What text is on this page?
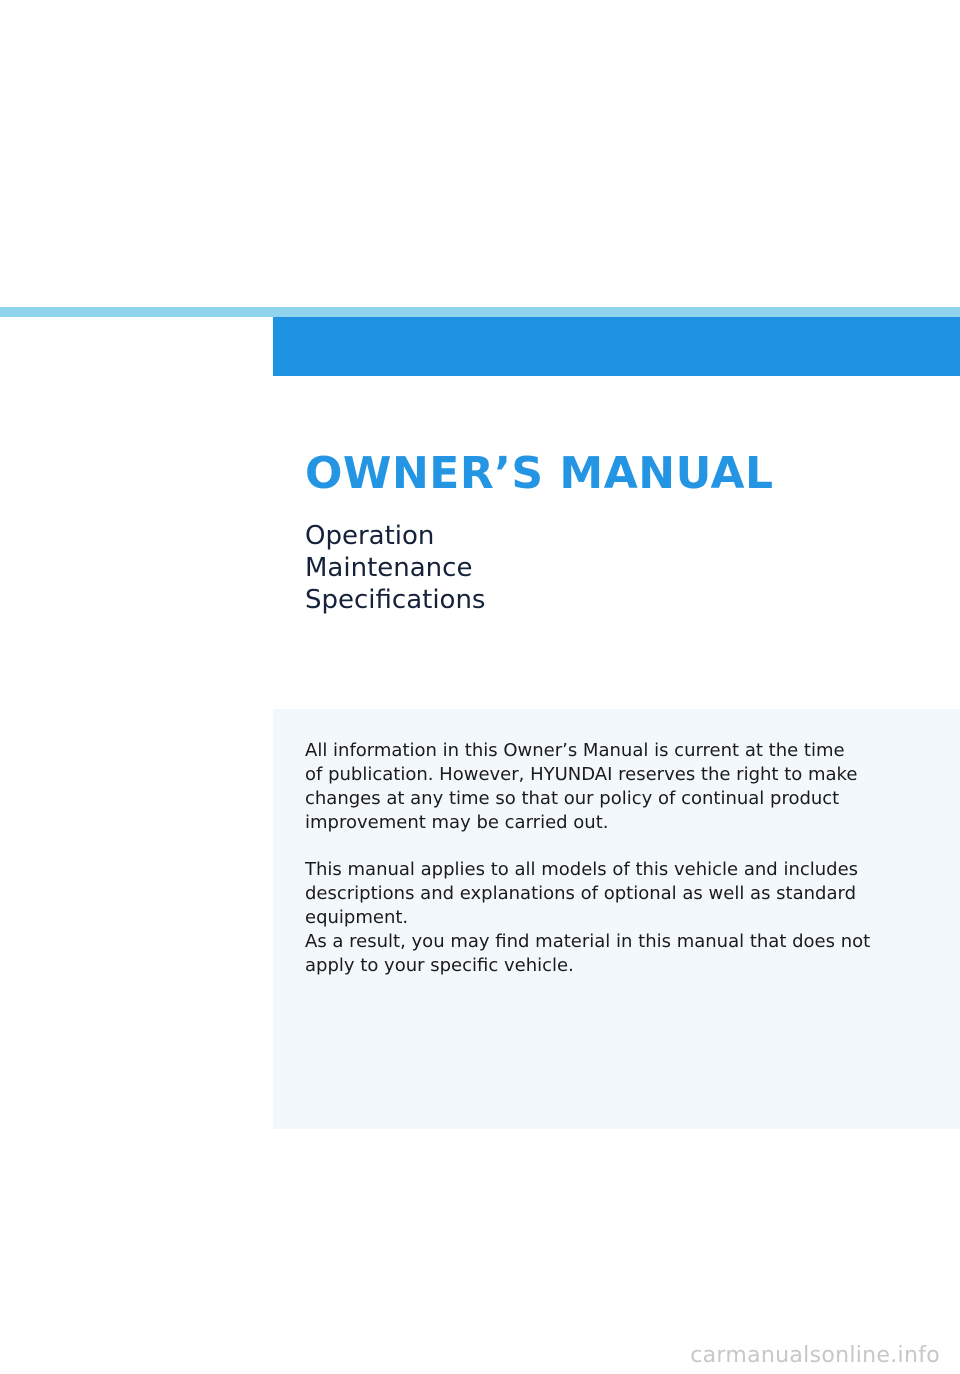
OWNER’S MANUAL
Operation
Maintenance
Specifications

All information in this Owner’s Manual is current at the time
of publication. However, HYUNDAI reserves the right to make
changes at any time so that our policy of continual product
improvement may be carried out.

This manual applies to all models of this vehicle and includes
descriptions and explanations of optional as well as standard
equipment.
As a result, you may find material in this manual that does not
apply to your specific vehicle.

carmanualsonline.info
